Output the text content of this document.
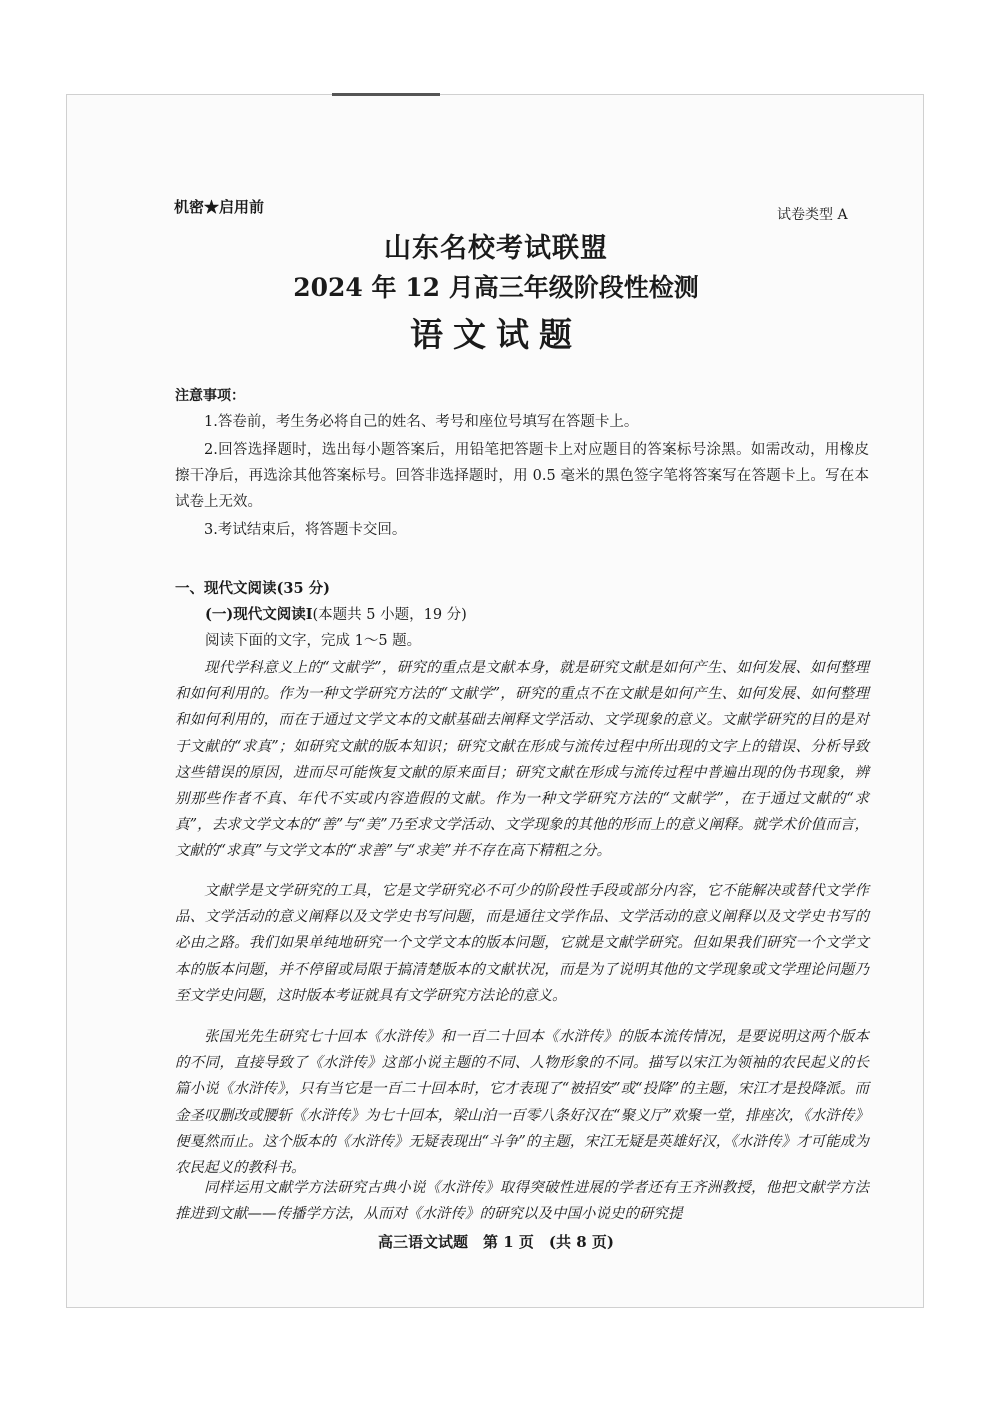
机密★启用前	试卷类型 A
山东名校考试联盟
2024 年 12 月高三年级阶段性检测
语文试题
注意事项：
1.答卷前，考生务必将自己的姓名、考号和座位号填写在答题卡上。
2.回答选择题时，选出每小题答案后，用铅笔把答题卡上对应题目的答案标号涂黑。如需改动，用橡皮擦干净后，再选涂其他答案标号。回答非选择题时，用 0.5 毫米的黑色签字笔将答案写在答题卡上。写在本试卷上无效。
3.考试结束后，将答题卡交回。
一、现代文阅读(35 分)
(一)现代文阅读Ⅰ(本题共 5 小题，19 分)
阅读下面的文字，完成 1～5 题。
现代学科意义上的“文献学”，研究的重点是文献本身，就是研究文献是如何产生、如何发展、如何整理和如何利用的。作为一种文学研究方法的“文献学”，研究的重点不在文献是如何产生、如何发展、如何整理和如何利用的，而在于通过文学文本的文献基础去阐释文学活动、文学现象的意义。文献学研究的目的是对于文献的“求真”；如研究文献的版本知识；研究文献在形成与流传过程中所出现的文字上的错误、分析导致这些错误的原因，进而尽可能恢复文献的原来面目；研究文献在形成与流传过程中普遍出现的伪书现象，辨别那些作者不真、年代不实或内容造假的文献。作为一种文学研究方法的“文献学”，在于通过文献的“求真”，去求文学文本的“善”与“美”乃至求文学活动、文学现象的其他的形而上的意义阐释。就学术价值而言，文献的“求真”与文学文本的“求善”与“求美”并不存在高下精粗之分。
文献学是文学研究的工具，它是文学研究必不可少的阶段性手段或部分内容，它不能解决或替代文学作品、文学活动的意义阐释以及文学史书写问题，而是通往文学作品、文学活动的意义阐释以及文学史书写的必由之路。我们如果单纯地研究一个文学文本的版本问题，它就是文献学研究。但如果我们研究一个文学文本的版本问题，并不停留或局限于搞清楚版本的文献状况，而是为了说明其他的文学现象或文学理论问题乃至文学史问题，这时版本考证就具有文学研究方法论的意义。
张国光先生研究七十回本《水浒传》和一百二十回本《水浒传》的版本流传情况，是要说明这两个版本的不同，直接导致了《水浒传》这部小说主题的不同、人物形象的不同。描写以宋江为领袖的农民起义的长篇小说《水浒传》，只有当它是一百二十回本时，它才表现了“被招安”或“投降”的主题，宋江才是投降派。而金圣叹删改或腰斩《水浒传》为七十回本，梁山泊一百零八条好汉在“聚义厅”欢聚一堂，排座次，《水浒传》便戛然而止。这个版本的《水浒传》无疑表现出“斗争”的主题，宋江无疑是英雄好汉，《水浒传》才可能成为农民起义的教科书。
同样运用文献学方法研究古典小说《水浒传》取得突破性进展的学者还有王齐洲教授，他把文献学方法推进到文献——传播学方法，从而对《水浒传》的研究以及中国小说史的研究提
高三语文试题　第 1 页　(共 8 页)
